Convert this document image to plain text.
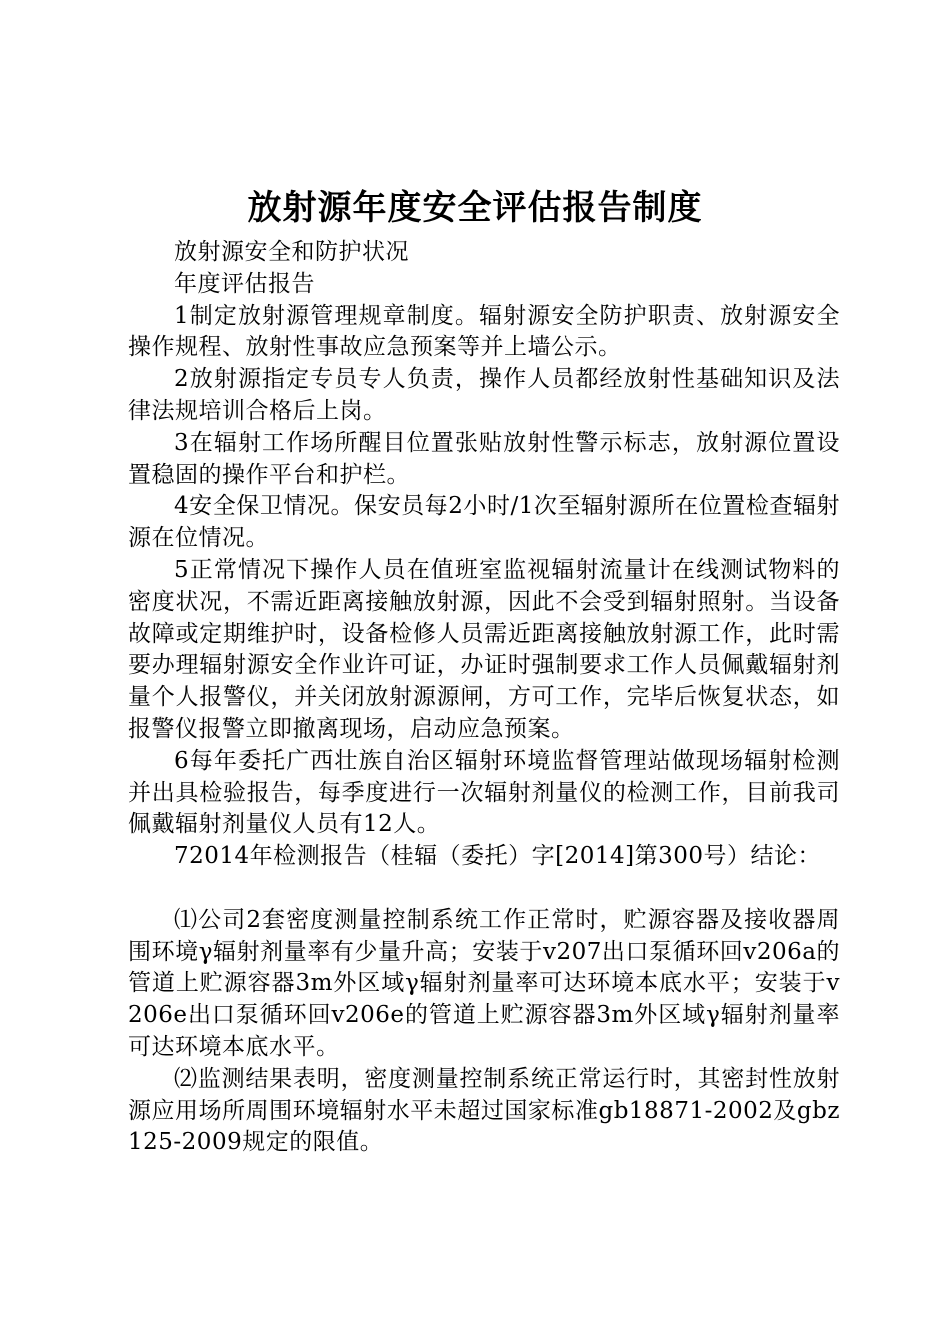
放射源年度安全评估报告制度

放射源安全和防护状况

年度评估报告

1制定放射源管理规章制度。辐射源安全防护职责、放射源安全操作规程、放射性事故应急预案等并上墙公示。

2放射源指定专员专人负责，操作人员都经放射性基础知识及法律法规培训合格后上岗。

3在辐射工作场所醒目位置张贴放射性警示标志，放射源位置设置稳固的操作平台和护栏。

4安全保卫情况。保安员每2小时/1次至辐射源所在位置检查辐射源在位情况。

5正常情况下操作人员在值班室监视辐射流量计在线测试物料的密度状况，不需近距离接触放射源，因此不会受到辐射照射。当设备故障或定期维护时，设备检修人员需近距离接触放射源工作，此时需要办理辐射源安全作业许可证，办证时强制要求工作人员佩戴辐射剂量个人报警仪，并关闭放射源源闸，方可工作，完毕后恢复状态，如报警仪报警立即撤离现场，启动应急预案。

6每年委托广西壮族自治区辐射环境监督管理站做现场辐射检测并出具检验报告，每季度进行一次辐射剂量仪的检测工作，目前我司佩戴辐射剂量仪人员有12人。

72014年检测报告（桂辐（委托）字[2014]第300号）结论：

⑴公司2套密度测量控制系统工作正常时，贮源容器及接收器周围环境γ辐射剂量率有少量升高；安装于v207出口泵循环回v206a的管道上贮源容器3m外区域γ辐射剂量率可达环境本底水平；安装于v206e出口泵循环回v206e的管道上贮源容器3m外区域γ辐射剂量率可达环境本底水平。

⑵监测结果表明，密度测量控制系统正常运行时，其密封性放射源应用场所周围环境辐射水平未超过国家标准gb18871-2002及gbz125-2009规定的限值。
